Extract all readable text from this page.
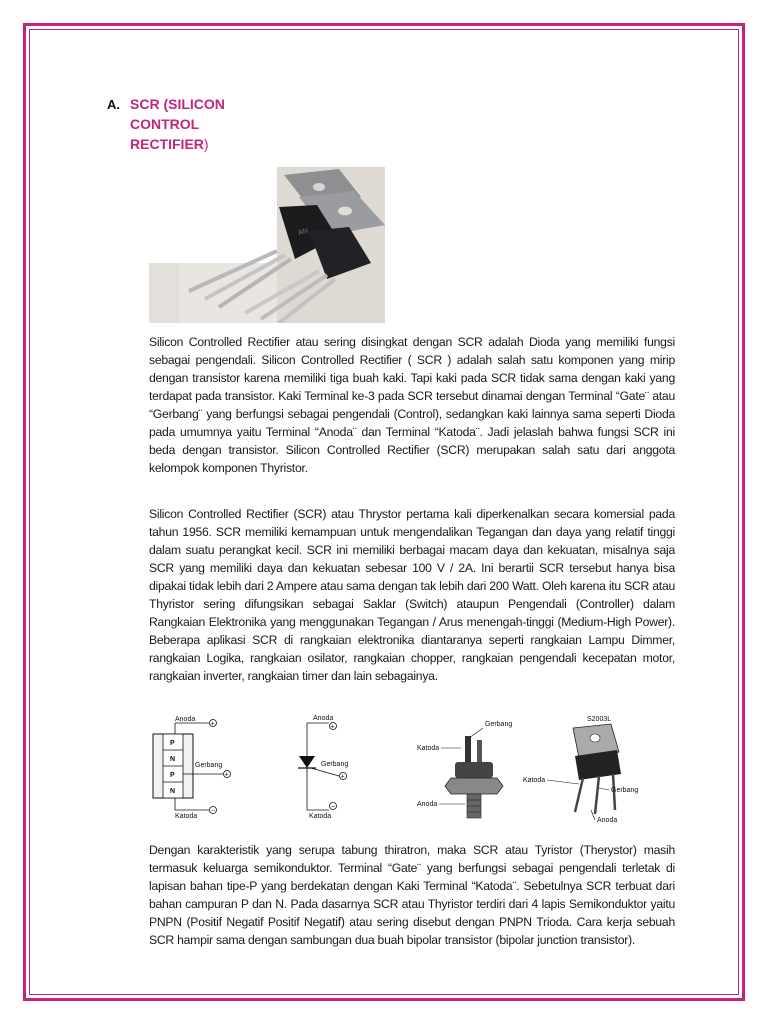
A. SCR (SILICON
CONTROL
RECTIFIER)
AN
Silicon Controlled Rectifier atau sering disingkat dengan SCR adalah Dioda yang memiliki fungsi sebagai pengendali. Silicon Controlled Rectifier ( SCR ) adalah salah satu komponen yang mirip dengan transistor karena memiliki tiga buah kaki. Tapi kaki pada SCR tidak sama dengan kaki yang terdapat pada transistor. Kaki Terminal ke-3 pada SCR tersebut dinamai dengan Terminal “Gate¨ atau “Gerbang¨ yang berfungsi sebagai pengendali (Control), sedangkan kaki lainnya sama seperti Dioda pada umumnya yaitu Terminal “Anoda¨ dan Terminal “Katoda¨. Jadi jelaslah bahwa fungsi SCR ini beda dengan transistor. Silicon Controlled Rectifier (SCR) merupakan salah satu dari anggota kelompok komponen Thyristor.
Silicon Controlled Rectifier (SCR) atau Thrystor pertama kali diperkenalkan secara komersial pada tahun 1956. SCR memiliki kemampuan untuk mengendalikan Tegangan dan daya yang relatif tinggi dalam suatu perangkat kecil. SCR ini memiliki berbagai macam daya dan kekuatan, misalnya saja SCR yang memiliki daya dan kekuatan sebesar 100 V / 2A. Ini berartii SCR tersebut hanya bisa dipakai tidak lebih dari 2 Ampere atau sama dengan tak lebih dari 200 Watt. Oleh karena itu SCR atau Thyristor sering difungsikan sebagai Saklar (Switch) ataupun Pengendali (Controller) dalam Rangkaian Elektronika yang menggunakan Tegangan / Arus menengah-tinggi (Medium-High Power). Beberapa aplikasi SCR di rangkaian elektronika diantaranya seperti rangkaian Lampu Dimmer, rangkaian Logika, rangkaian osilator, rangkaian chopper, rangkaian pengendali kecepatan motor, rangkaian inverter, rangkaian timer dan lain sebagainya.
Anoda
+
P
N
P
N
Gerbang
+
−
Katoda
Anoda
+
Gerbang
+
−
Katoda
Gerbang
Katoda
Anoda
S2003L
Katoda
Gerbang
Anoda
Dengan karakteristik yang serupa tabung thiratron, maka SCR atau Tyristor (Therystor) masih termasuk keluarga semikonduktor. Terminal “Gate¨ yang berfungsi sebagai pengendali terletak di lapisan bahan tipe-P yang berdekatan dengan Kaki Terminal “Katoda¨. Sebetulnya SCR terbuat dari bahan campuran P dan N. Pada dasarnya SCR atau Thyristor terdiri dari 4 lapis Semikonduktor yaitu PNPN (Positif Negatif Positif Negatif) atau sering disebut dengan PNPN Trioda. Cara kerja sebuah SCR hampir sama dengan sambungan dua buah bipolar transistor (bipolar junction transistor).
